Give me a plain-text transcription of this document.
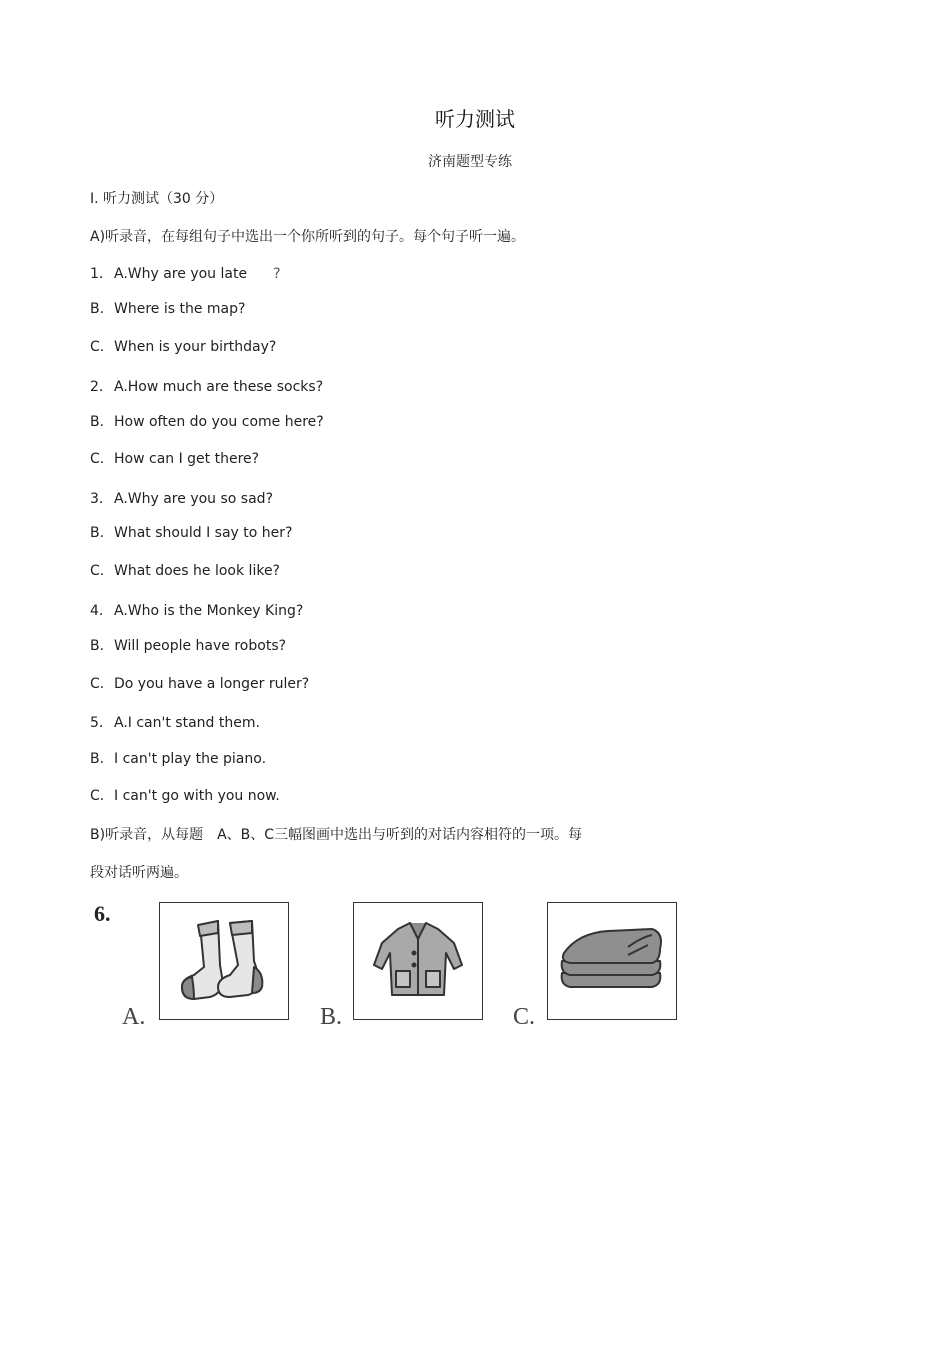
听力测试
济南题型专练
Ⅰ. 听力测试（30 分）
A)听录音，在每组句子中选出一个你所听到的句子。每个句子听一遍。
1．A.Why are you late ?
B. Where is the map?
C. When is your birthday?
2．A.How much are these socks?
B. How often do you come here?
C. How can I get there?
3．A.Why are you so sad?
B. What should I say to her?
C. What does he look like?
4．A.Who is the Monkey King?
B. Will people have robots?
C. Do you have a longer ruler?
5．A.I can't stand them.
B. I can't play the piano.
C. I can't go with you now.
B)听录音，从每题　A、B、C三幅图画中选出与听到的对话内容相符的一项。每
段对话听两遍。
6.
A.	B.	C.
